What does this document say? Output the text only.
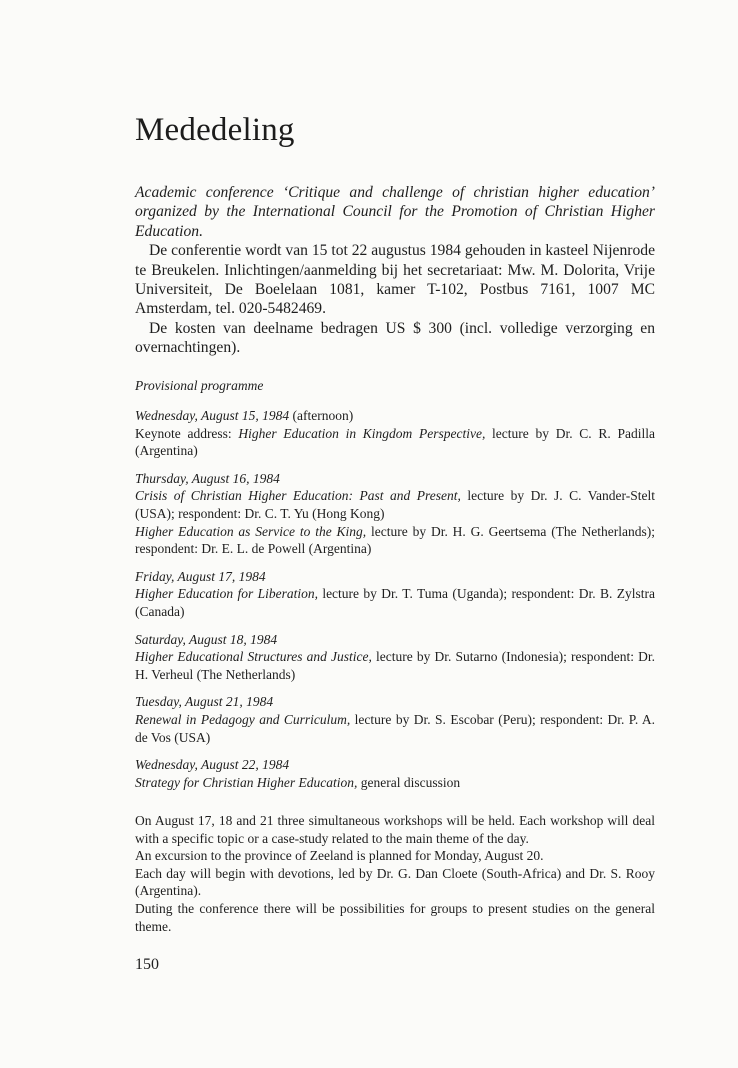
Mededeling

Academic conference ‘Critique and challenge of christian higher education’ organized by the International Council for the Promotion of Christian Higher Education.

De conferentie wordt van 15 tot 22 augustus 1984 gehouden in kasteel Nijenrode te Breukelen. Inlichtingen/aanmelding bij het secretariaat: Mw. M. Dolorita, Vrije Universiteit, De Boelelaan 1081, kamer T-102, Postbus 7161, 1007 MC Amsterdam, tel. 020-5482469.

De kosten van deelname bedragen US $ 300 (incl. volledige verzorging en overnachtingen).

Provisional programme

Wednesday, August 15, 1984 (afternoon)

Keynote address: Higher Education in Kingdom Perspective, lecture by Dr. C. R. Padilla (Argentina)

Thursday, August 16, 1984

Crisis of Christian Higher Education: Past and Present, lecture by Dr. J. C. Vander-Stelt (USA); respondent: Dr. C. T. Yu (Hong Kong)

Higher Education as Service to the King, lecture by Dr. H. G. Geertsema (The Netherlands); respondent: Dr. E. L. de Powell (Argentina)

Friday, August 17, 1984

Higher Education for Liberation, lecture by Dr. T. Tuma (Uganda); respondent: Dr. B. Zylstra (Canada)

Saturday, August 18, 1984

Higher Educational Structures and Justice, lecture by Dr. Sutarno (Indonesia); respondent: Dr. H. Verheul (The Netherlands)

Tuesday, August 21, 1984

Renewal in Pedagogy and Curriculum, lecture by Dr. S. Escobar (Peru); respondent: Dr. P. A. de Vos (USA)

Wednesday, August 22, 1984

Strategy for Christian Higher Education, general discussion

On August 17, 18 and 21 three simultaneous workshops will be held. Each workshop will deal with a specific topic or a case-study related to the main theme of the day.

An excursion to the province of Zeeland is planned for Monday, August 20.

Each day will begin with devotions, led by Dr. G. Dan Cloete (South-Africa) and Dr. S. Rooy (Argentina).

Duting the conference there will be possibilities for groups to present studies on the general theme.

150
